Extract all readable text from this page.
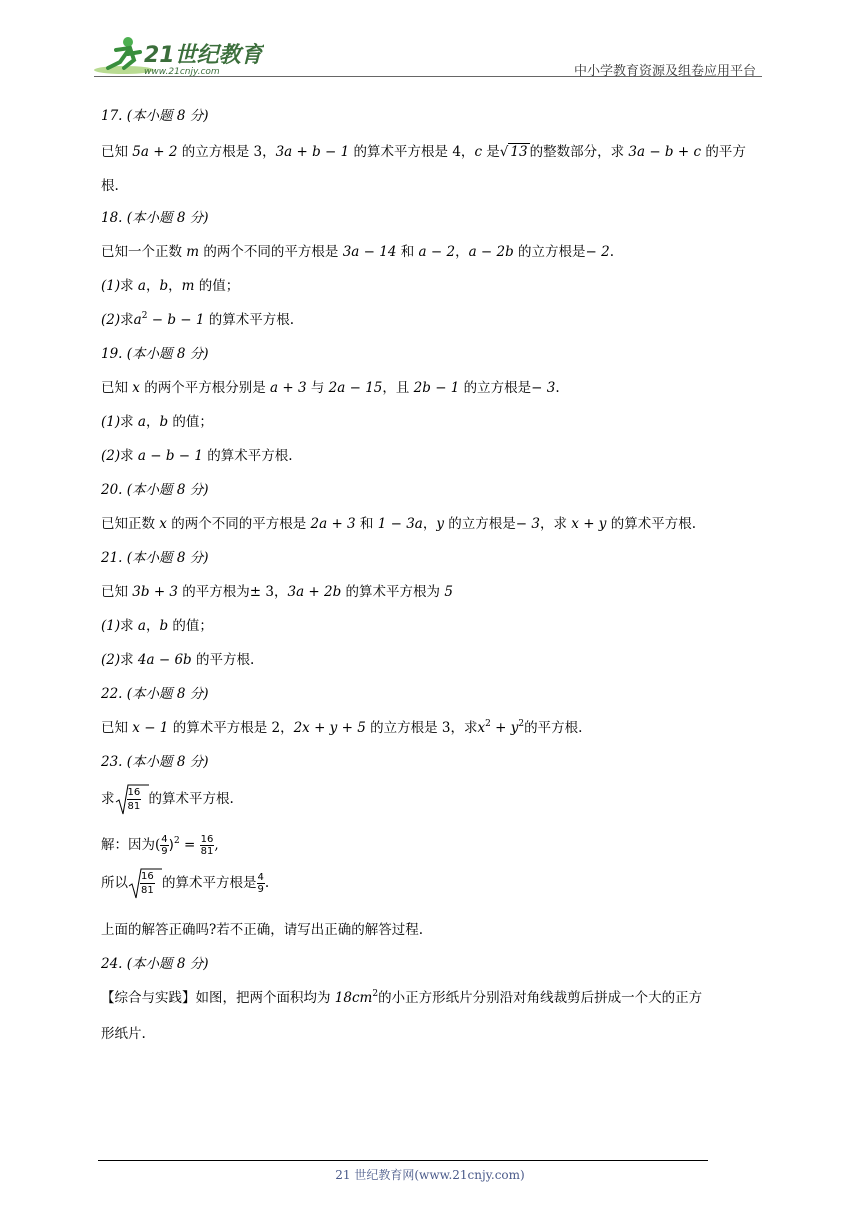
21世纪教育
www.21cnjy.com	中小学教育资源及组卷应用平台
17. (本小题 8 分)
已知 5a + 2 的立方根是 3，3a + b − 1 的算术平方根是 4，c 是√ 13 的整数部分，求 3a − b + c 的平方
根.
18. (本小题 8 分)
已知一个正数 m 的两个不同的平方根是 3a − 14 和 a − 2，a − 2b 的立方根是− 2.
(1)求 a，b，m 的值；
(2)求$a^2 - b - 1$ 的算术平方根.
19. (本小题 8 分)
已知 x 的两个平方根分别是 a + 3 与 2a − 15，且 2b − 1 的立方根是− 3.
(1)求 a，b 的值；
(2)求 a − b − 1 的算术平方根.
20. (本小题 8 分)
已知正数 x 的两个不同的平方根是 2a + 3 和 1 − 3a，y 的立方根是− 3，求 x + y 的算术平方根.
21. (本小题 8 分)
已知 3b + 3 的平方根为± 3，3a + 2b 的算术平方根为 5
(1)求 a，b 的值；
(2)求 4a − 6b 的平方根.
22. (本小题 8 分)
已知 x − 1 的算术平方根是 2，2x + y + 5 的立方根是 3，求$x^2 + y^2$的平方根.
23. (本小题 8 分)
求 $\frac{16}{81}$ 的算术平方根.
解：因为( $\frac{4}{9} )^2 = \frac{16}{81}$ ,
所以 $\frac{16}{81}$ 的算术平方根是 $\frac{4}{9}$ .
上面的解答正确吗?若不正确，请写出正确的解答过程.
24. (本小题 8 分)
【综合与实践】如图，把两个面积均为 $18cm^2$的小正方形纸片分别沿对角线裁剪后拼成一个大的正方
形纸片.
21 世纪教育网(www.21cnjy.com)
